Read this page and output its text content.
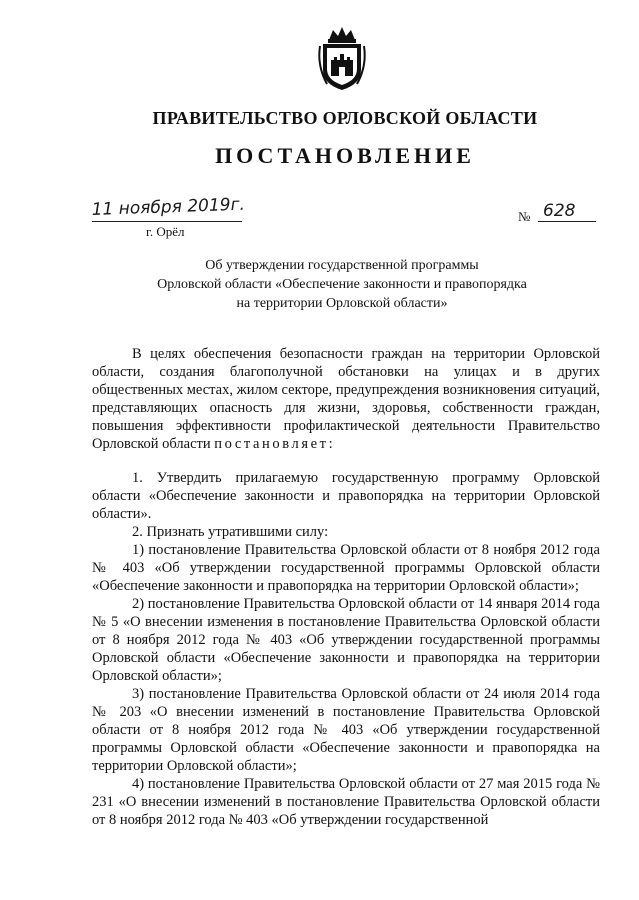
ПРАВИТЕЛЬСТВО ОРЛОВСКОЙ ОБЛАСТИ
ПОСТАНОВЛЕНИЕ
11 ноября 2019г.
г. Орёл
№ 628
Об утверждении государственной программы
Орловской области «Обеспечение законности и правопорядка
на территории Орловской области»

В целях обеспечения безопасности граждан на территории Орловской области, создания благополучной обстановки на улицах и в других общественных местах, жилом секторе, предупреждения возникновения ситуаций, представляющих опасность для жизни, здоровья, собственности граждан, повышения эффективности профилактической деятельности Правительство Орловской области постановляет:

1. Утвердить прилагаемую государственную программу Орловской области «Обеспечение законности и правопорядка на территории Орловской области».

2. Признать утратившими силу:

1) постановление Правительства Орловской области от 8 ноября 2012 года № 403 «Об утверждении государственной программы Орловской области «Обеспечение законности и правопорядка на территории Орловской области»;

2) постановление Правительства Орловской области от 14 января 2014 года № 5 «О внесении изменения в постановление Правительства Орловской области от 8 ноября 2012 года № 403 «Об утверждении государственной программы Орловской области «Обеспечение законности и правопорядка на территории Орловской области»;

3) постановление Правительства Орловской области от 24 июля 2014 года № 203 «О внесении изменений в постановление Правительства Орловской области от 8 ноября 2012 года № 403 «Об утверждении государственной программы Орловской области «Обеспечение законности и правопорядка на территории Орловской области»;

4) постановление Правительства Орловской области от 27 мая 2015 года № 231 «О внесении изменений в постановление Правительства Орловской области от 8 ноября 2012 года № 403 «Об утверждении государственной
